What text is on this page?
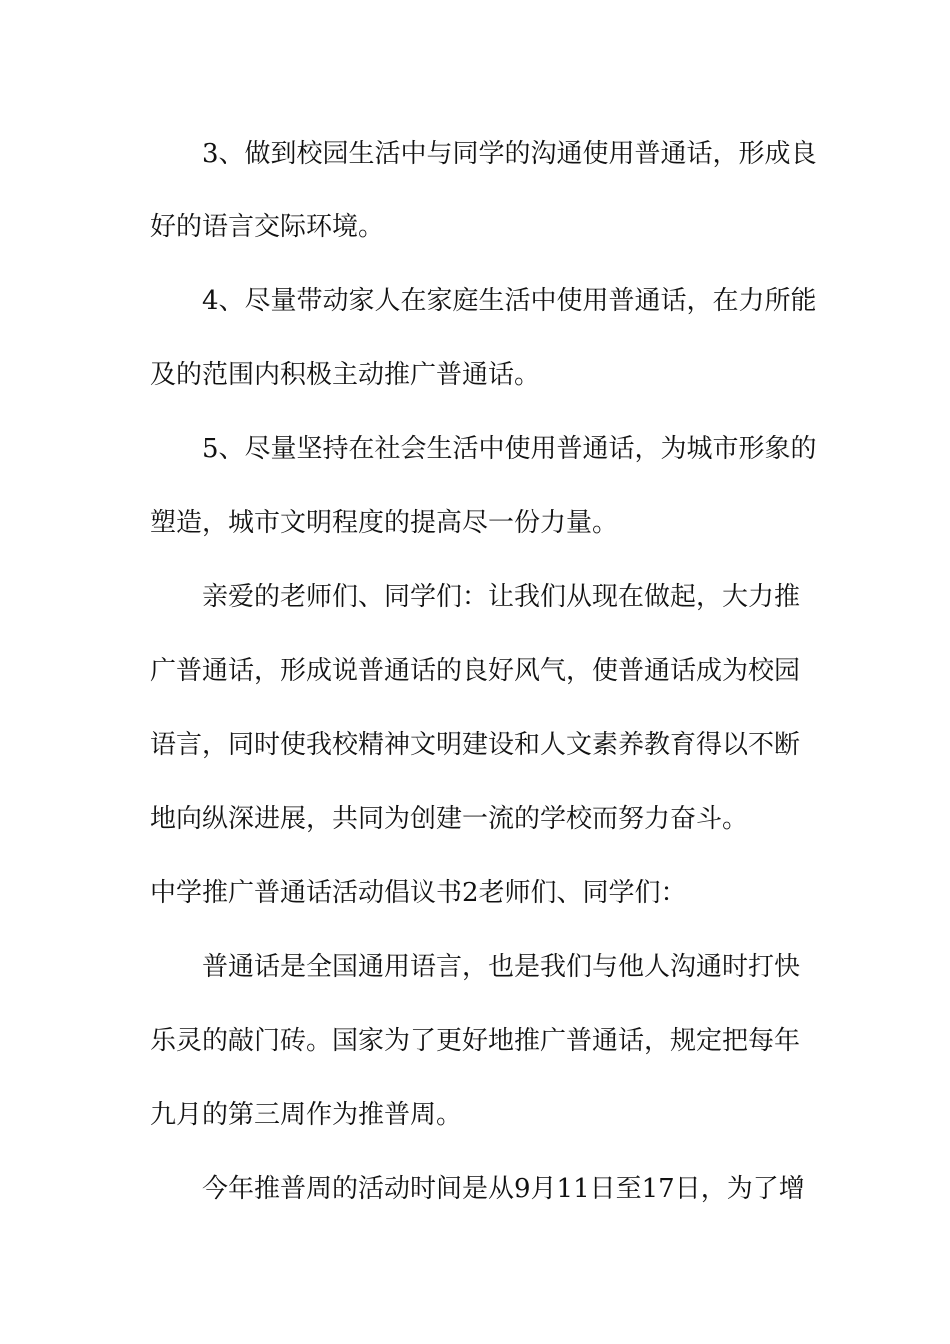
3、做到校园生活中与同学的沟通使用普通话，形成良
好的语言交际环境。
4、尽量带动家人在家庭生活中使用普通话，在力所能
及的范围内积极主动推广普通话。
5、尽量坚持在社会生活中使用普通话，为城市形象的
塑造，城市文明程度的提高尽一份力量。
亲爱的老师们、同学们：让我们从现在做起，大力推
广普通话，形成说普通话的良好风气，使普通话成为校园
语言，同时使我校精神文明建设和人文素养教育得以不断
地向纵深进展，共同为创建一流的学校而努力奋斗。
中学推广普通话活动倡议书2老师们、同学们：
普通话是全国通用语言，也是我们与他人沟通时打快
乐灵的敲门砖。国家为了更好地推广普通话，规定把每年
九月的第三周作为推普周。
今年推普周的活动时间是从9月11日至17日，为了增
